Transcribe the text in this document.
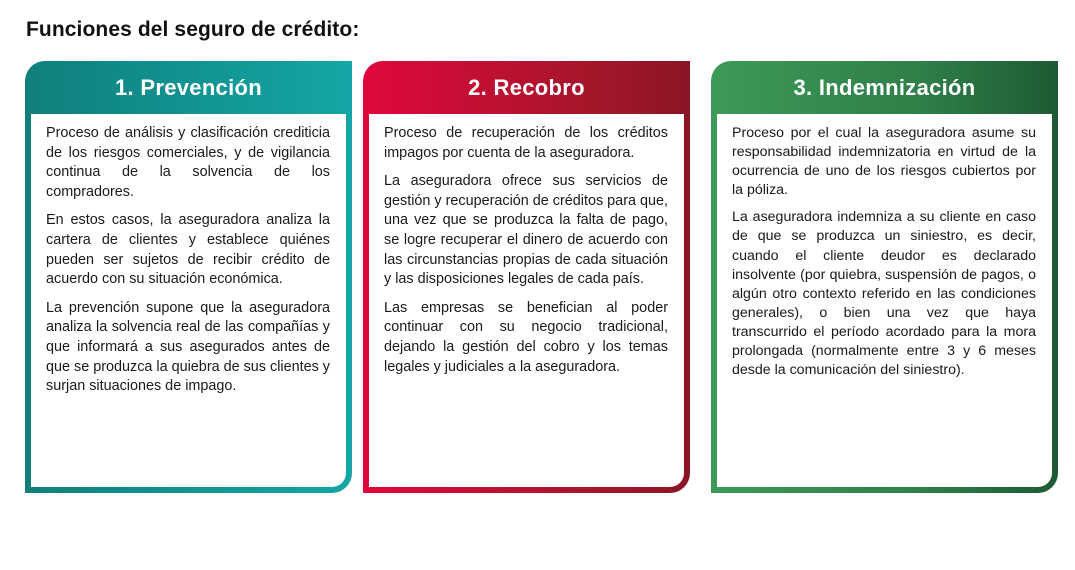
Funciones del seguro de crédito:
1. Prevención

Proceso de análisis y clasificación crediticia de los riesgos comerciales, y de vigilancia continua de la solvencia de los compradores.

En estos casos, la aseguradora analiza la cartera de clientes y establece quiénes pueden ser sujetos de recibir crédito de acuerdo con su situación económica.

La prevención supone que la aseguradora analiza la solvencia real de las compañías y que informará a sus asegurados antes de que se produzca la quiebra de sus clientes y surjan situaciones de impago.

2. Recobro

Proceso de recuperación de los créditos impagos por cuenta de la aseguradora.

La aseguradora ofrece sus servicios de gestión y recuperación de créditos para que, una vez que se produzca la falta de pago, se logre recuperar el dinero de acuerdo con las circunstancias propias de cada situación y las disposiciones legales de cada país.

Las empresas se benefician al poder continuar con su negocio tradicional, dejando la gestión del cobro y los temas legales y judiciales a la aseguradora.

3. Indemnización

Proceso por el cual la aseguradora asume su responsabilidad indemnizatoria en virtud de la ocurrencia de uno de los riesgos cubiertos por la póliza.

La aseguradora indemniza a su cliente en caso de que se produzca un siniestro, es decir, cuando el cliente deudor es declarado insolvente (por quiebra, suspensión de pagos, o algún otro contexto referido en las condiciones generales), o bien una vez que haya transcurrido el período acordado para la mora prolongada (normalmente entre 3 y 6 meses desde la comunicación del siniestro).
